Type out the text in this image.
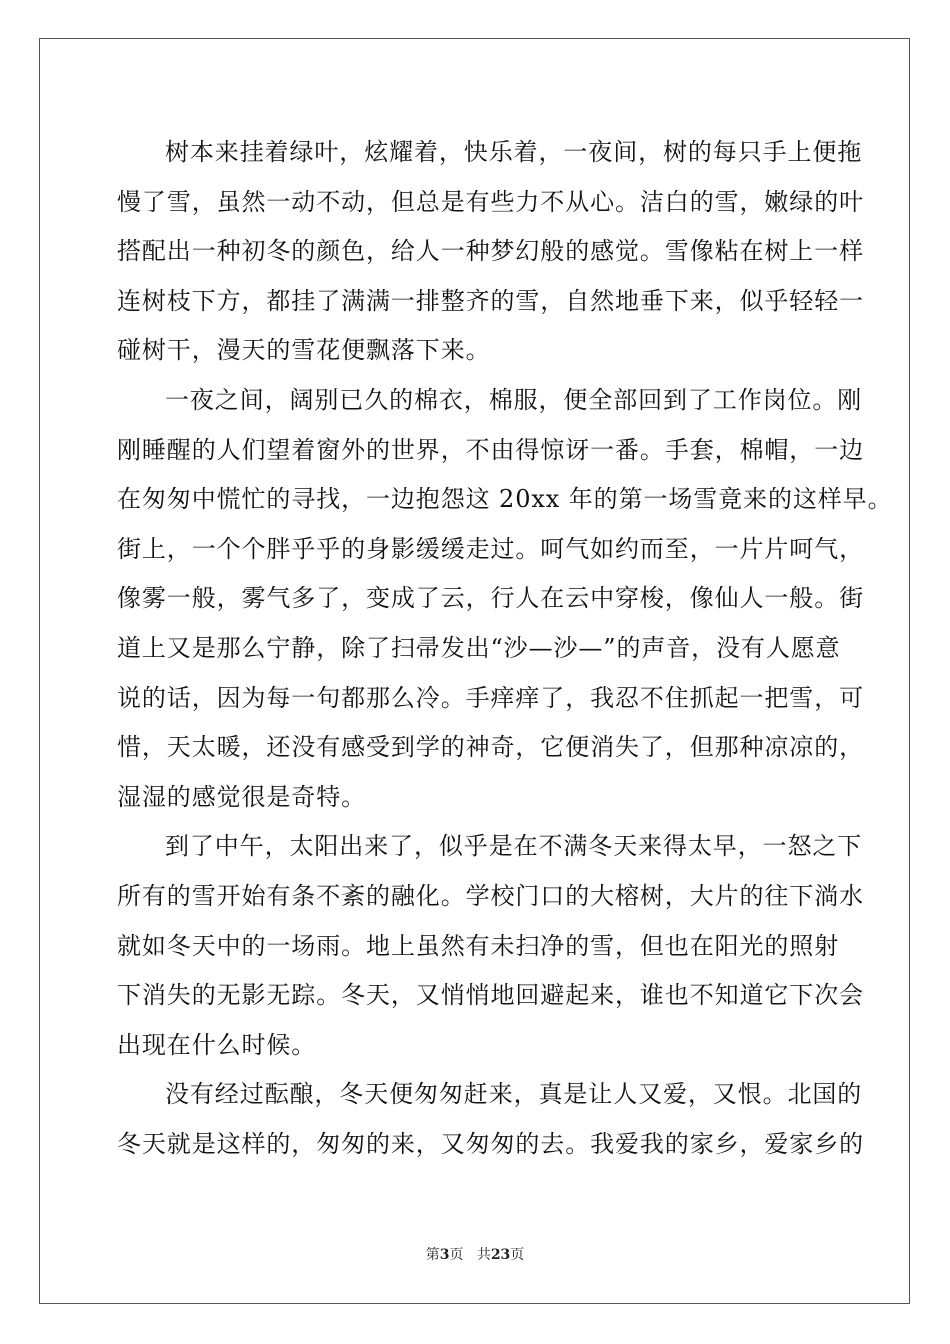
树本来挂着绿叶，炫耀着，快乐着，一夜间，树的每只手上便拖
慢了雪，虽然一动不动，但总是有些力不从心。洁白的雪，嫩绿的叶
搭配出一种初冬的颜色，给人一种梦幻般的感觉。雪像粘在树上一样
连树枝下方，都挂了满满一排整齐的雪，自然地垂下来，似乎轻轻一
碰树干，漫天的雪花便飘落下来。
一夜之间，阔别已久的棉衣，棉服，便全部回到了工作岗位。刚
刚睡醒的人们望着窗外的世界，不由得惊讶一番。手套，棉帽，一边
在匆匆中慌忙的寻找，一边抱怨这 20xx 年的第一场雪竟来的这样早。
街上，一个个胖乎乎的身影缓缓走过。呵气如约而至，一片片呵气，
像雾一般，雾气多了，变成了云，行人在云中穿梭，像仙人一般。街
道上又是那么宁静，除了扫帚发出“沙—沙—”的声音，没有人愿意
说的话，因为每一句都那么冷。手痒痒了，我忍不住抓起一把雪，可
惜，天太暖，还没有感受到学的神奇，它便消失了，但那种凉凉的，
湿湿的感觉很是奇特。
到了中午，太阳出来了，似乎是在不满冬天来得太早，一怒之下
所有的雪开始有条不紊的融化。学校门口的大榕树，大片的往下淌水
就如冬天中的一场雨。地上虽然有未扫净的雪，但也在阳光的照射
下消失的无影无踪。冬天，又悄悄地回避起来，谁也不知道它下次会
出现在什么时候。
没有经过酝酿，冬天便匆匆赶来，真是让人又爱，又恨。北国的
冬天就是这样的，匆匆的来，又匆匆的去。我爱我的家乡，爱家乡的
第3页 共23页
